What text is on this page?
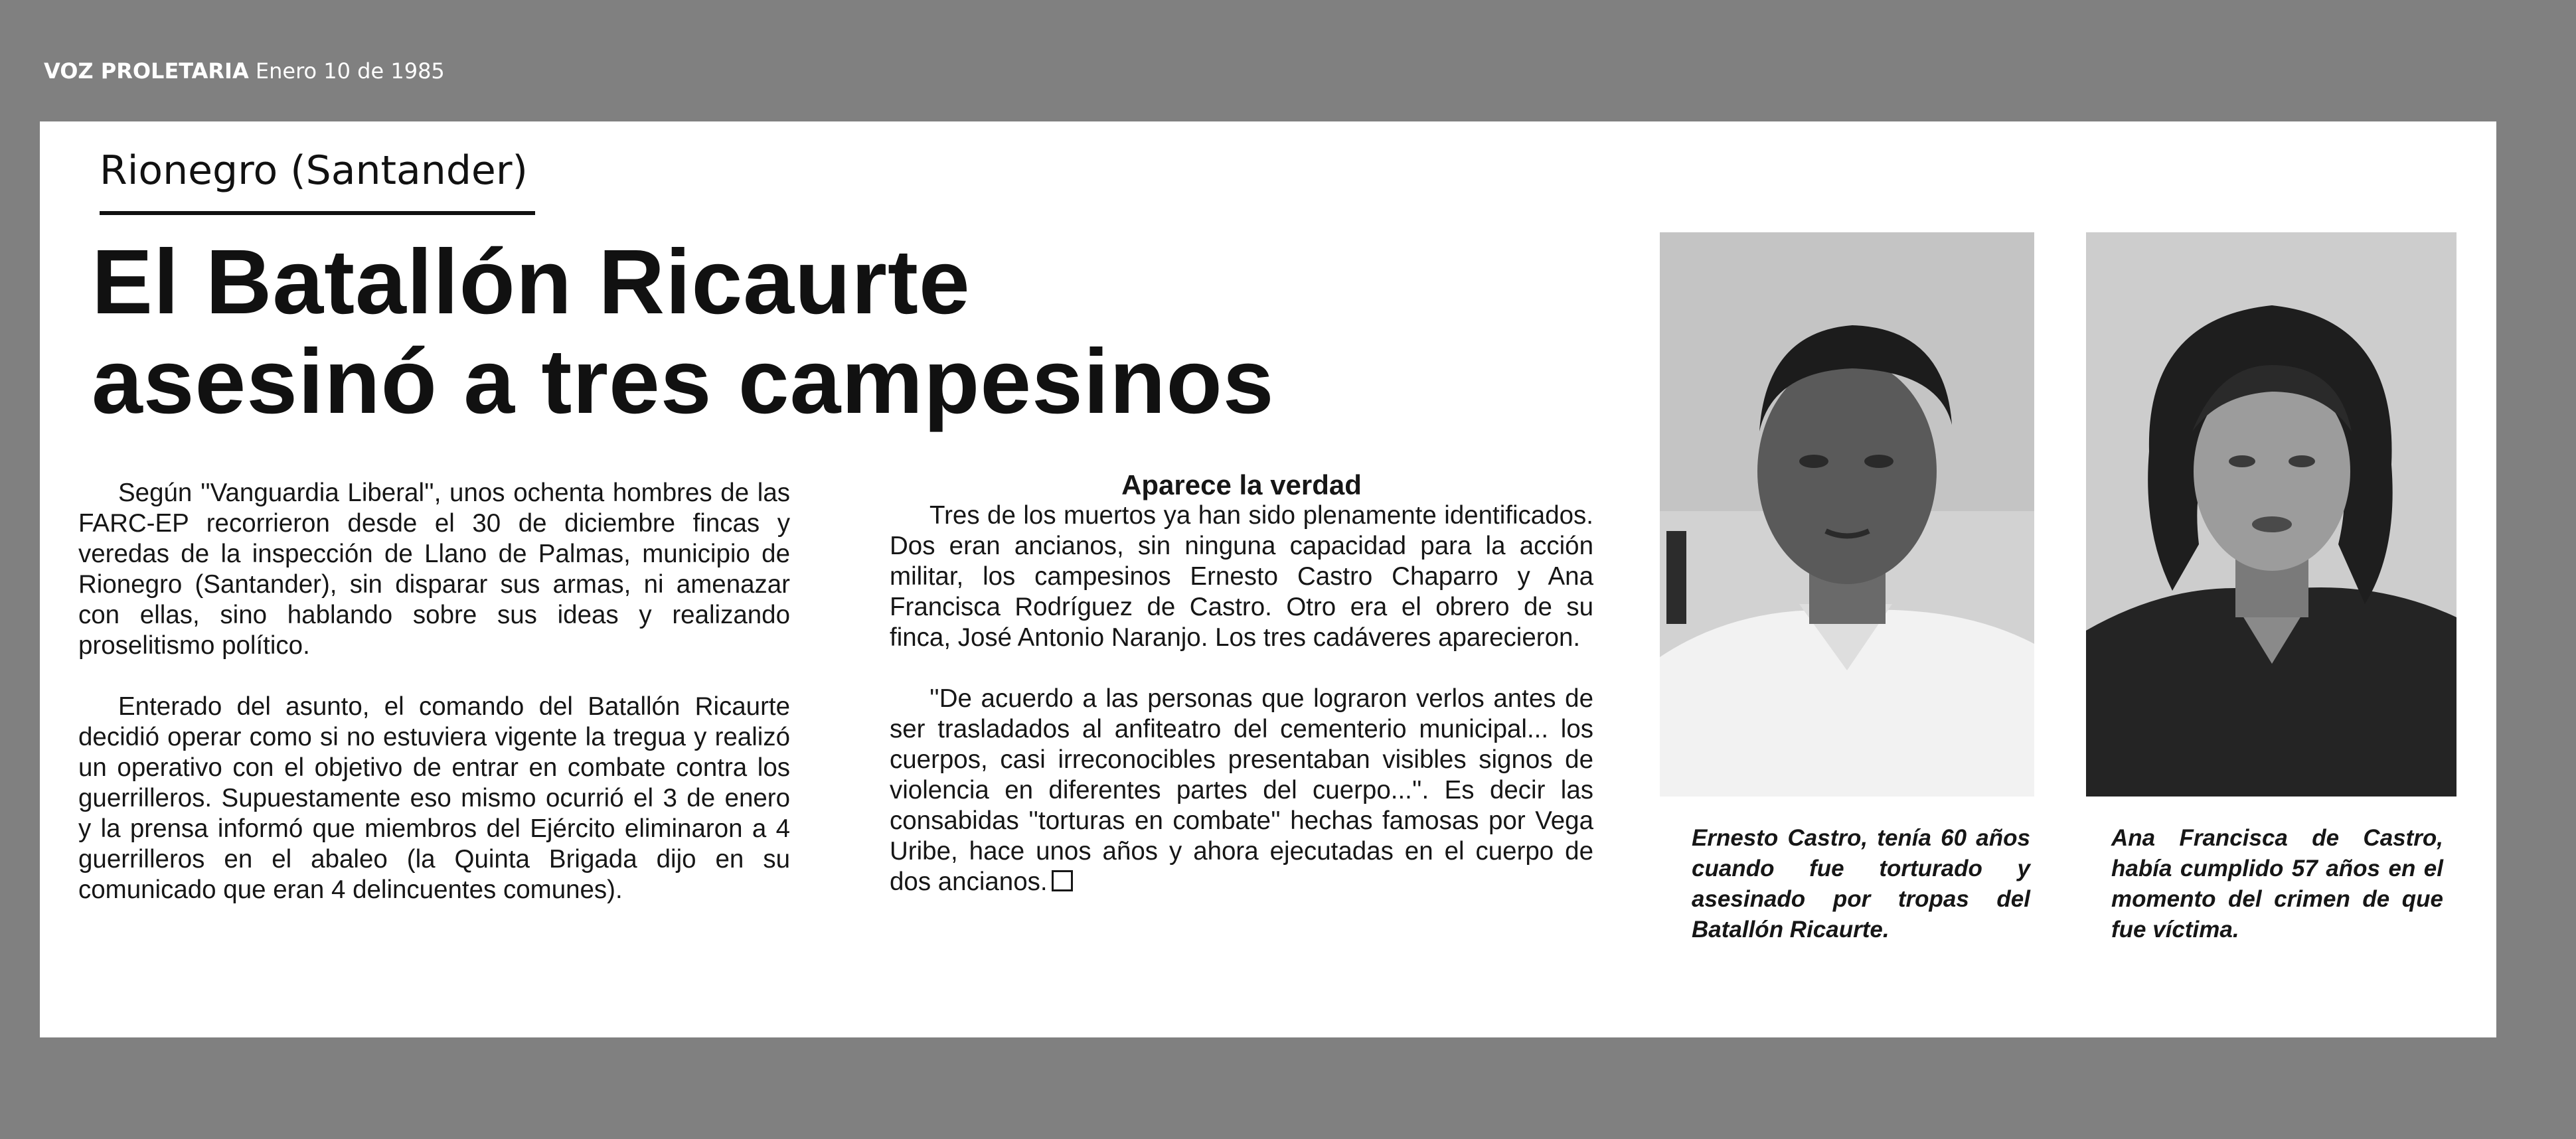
VOZ PROLETARIA Enero 10 de 1985
Rionegro (Santander)
El Batallón Ricaurte
asesinó a tres campesinos

Según ''Vanguardia Liberal'', unos ochenta hombres de las FARC-EP recorrieron desde el 30 de diciembre fincas y veredas de la inspección de Llano de Palmas, municipio de Rionegro (Santander), sin disparar sus armas, ni amenazar con ellas, sino hablando sobre sus ideas y realizando proselitismo político.

Enterado del asunto, el comando del Batallón Ricaurte decidió operar como si no estuviera vigente la tregua y realizó un operativo con el objetivo de entrar en combate contra los guerrilleros. Supuestamente eso mismo ocurrió el 3 de enero y la prensa informó que miembros del Ejército eliminaron a 4 guerrilleros en el abaleo (la Quinta Brigada dijo en su comunicado que eran 4 delincuentes comunes).

Aparece la verdad

Tres de los muertos ya han sido plenamente identificados. Dos eran ancianos, sin ninguna capacidad para la acción militar, los campesinos Ernesto Castro Chaparro y Ana Francisca Rodríguez de Castro. Otro era el obrero de su finca, José Antonio Naranjo. Los tres cadáveres aparecieron.

''De acuerdo a las personas que lograron verlos antes de ser trasladados al anfiteatro del cementerio municipal... los cuerpos, casi irreconocibles presentaban visibles signos de violencia en diferentes partes del cuerpo...''. Es decir las consabidas ''torturas en combate'' hechas famosas por Vega Uribe, hace unos años y ahora ejecutadas en el cuerpo de dos ancianos.

Ernesto Castro, tenía 60 años cuando fue torturado y asesinado por tropas del Batallón Ricaurte.
Ana Francisca de Castro, había cumplido 57 años en el momento del crimen de que fue víctima.
